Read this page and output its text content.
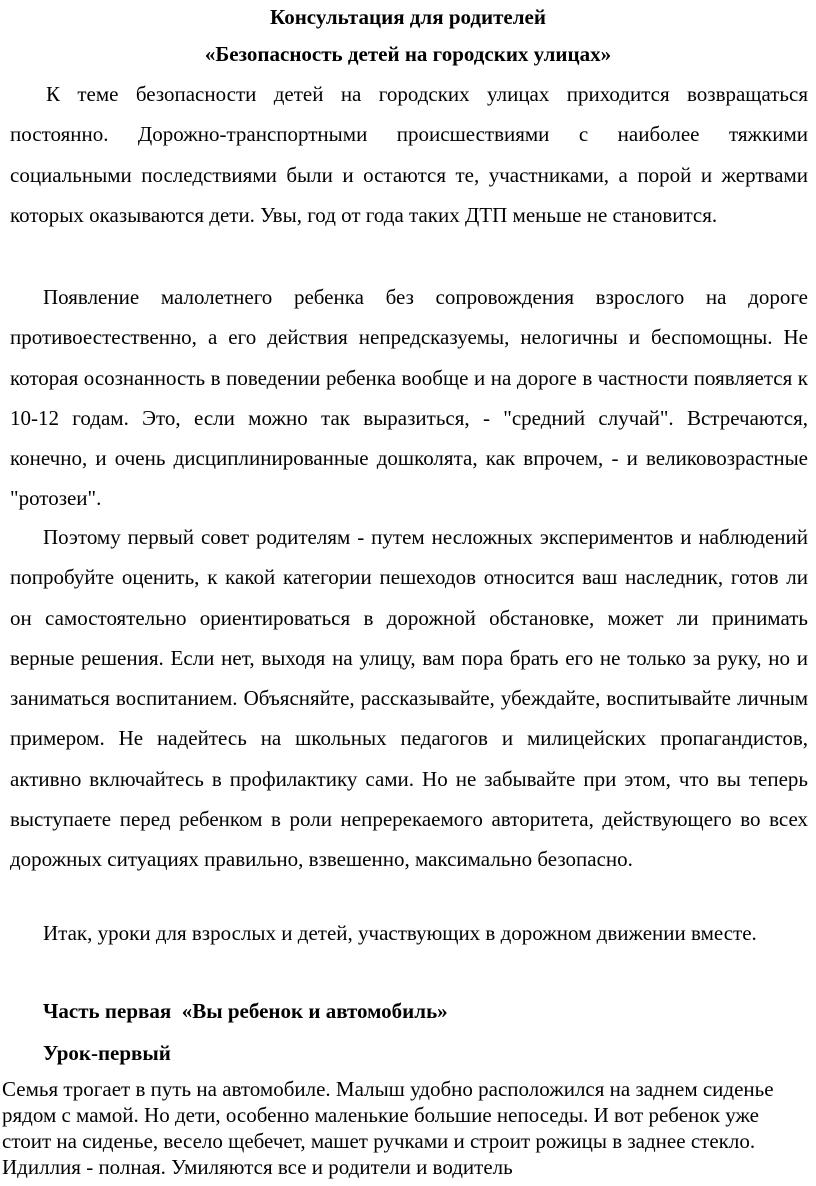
Консультация для родителей

«Безопасность детей на городских улицах»

К теме безопасности детей на городских улицах приходится возвращаться постоянно. Дорожно-транспортными происшествиями с наиболее тяжкими социальными последствиями были и остаются те, участниками, а порой и жертвами которых оказываются дети. Увы, год от года таких ДТП меньше не становится.

Появление малолетнего ребенка без сопровождения взрослого на дороге противоестественно, а его действия непредсказуемы, нелогичны и беспомощны. Не которая осознанность в поведении ребенка вообще и на дороге в частности появляется к 10-12 годам. Это, если можно так выразиться, - "средний случай". Встречаются, конечно, и очень дисциплинированные дошколята, как впрочем, - и великовозрастные "ротозеи".

Поэтому первый совет родителям - путем несложных экспериментов и наблюдений попробуйте оценить, к какой категории пешеходов относится ваш наследник, готов ли он самостоятельно ориентироваться в дорожной обстановке, может ли принимать верные решения. Если нет, выходя на улицу, вам пора брать его не только за руку, но и заниматься воспитанием. Объясняйте, рассказывайте, убеждайте, воспитывайте личным примером. Не надейтесь на школьных педагогов и милицейских пропагандистов, активно включайтесь в профилактику сами. Но не забывайте при этом, что вы теперь выступаете перед ребенком в роли непререкаемого авторитета, действующего во всех дорожных ситуациях правильно, взвешенно, максимально безопасно.

Итак, уроки для взрослых и детей, участвующих в дорожном движении вместе.

Часть первая  «Вы ребенок и автомобиль»

Урок-первый

Семья трогает в путь на автомобиле. Малыш удобно расположился на заднем сиденье рядом с мамой. Но дети, особенно маленькие большие непоседы. И вот ребенок уже стоит на сиденье, весело щебечет, машет ручками и строит рожицы в заднее стекло. Идиллия - полная. Умиляются все и родители и водитель
